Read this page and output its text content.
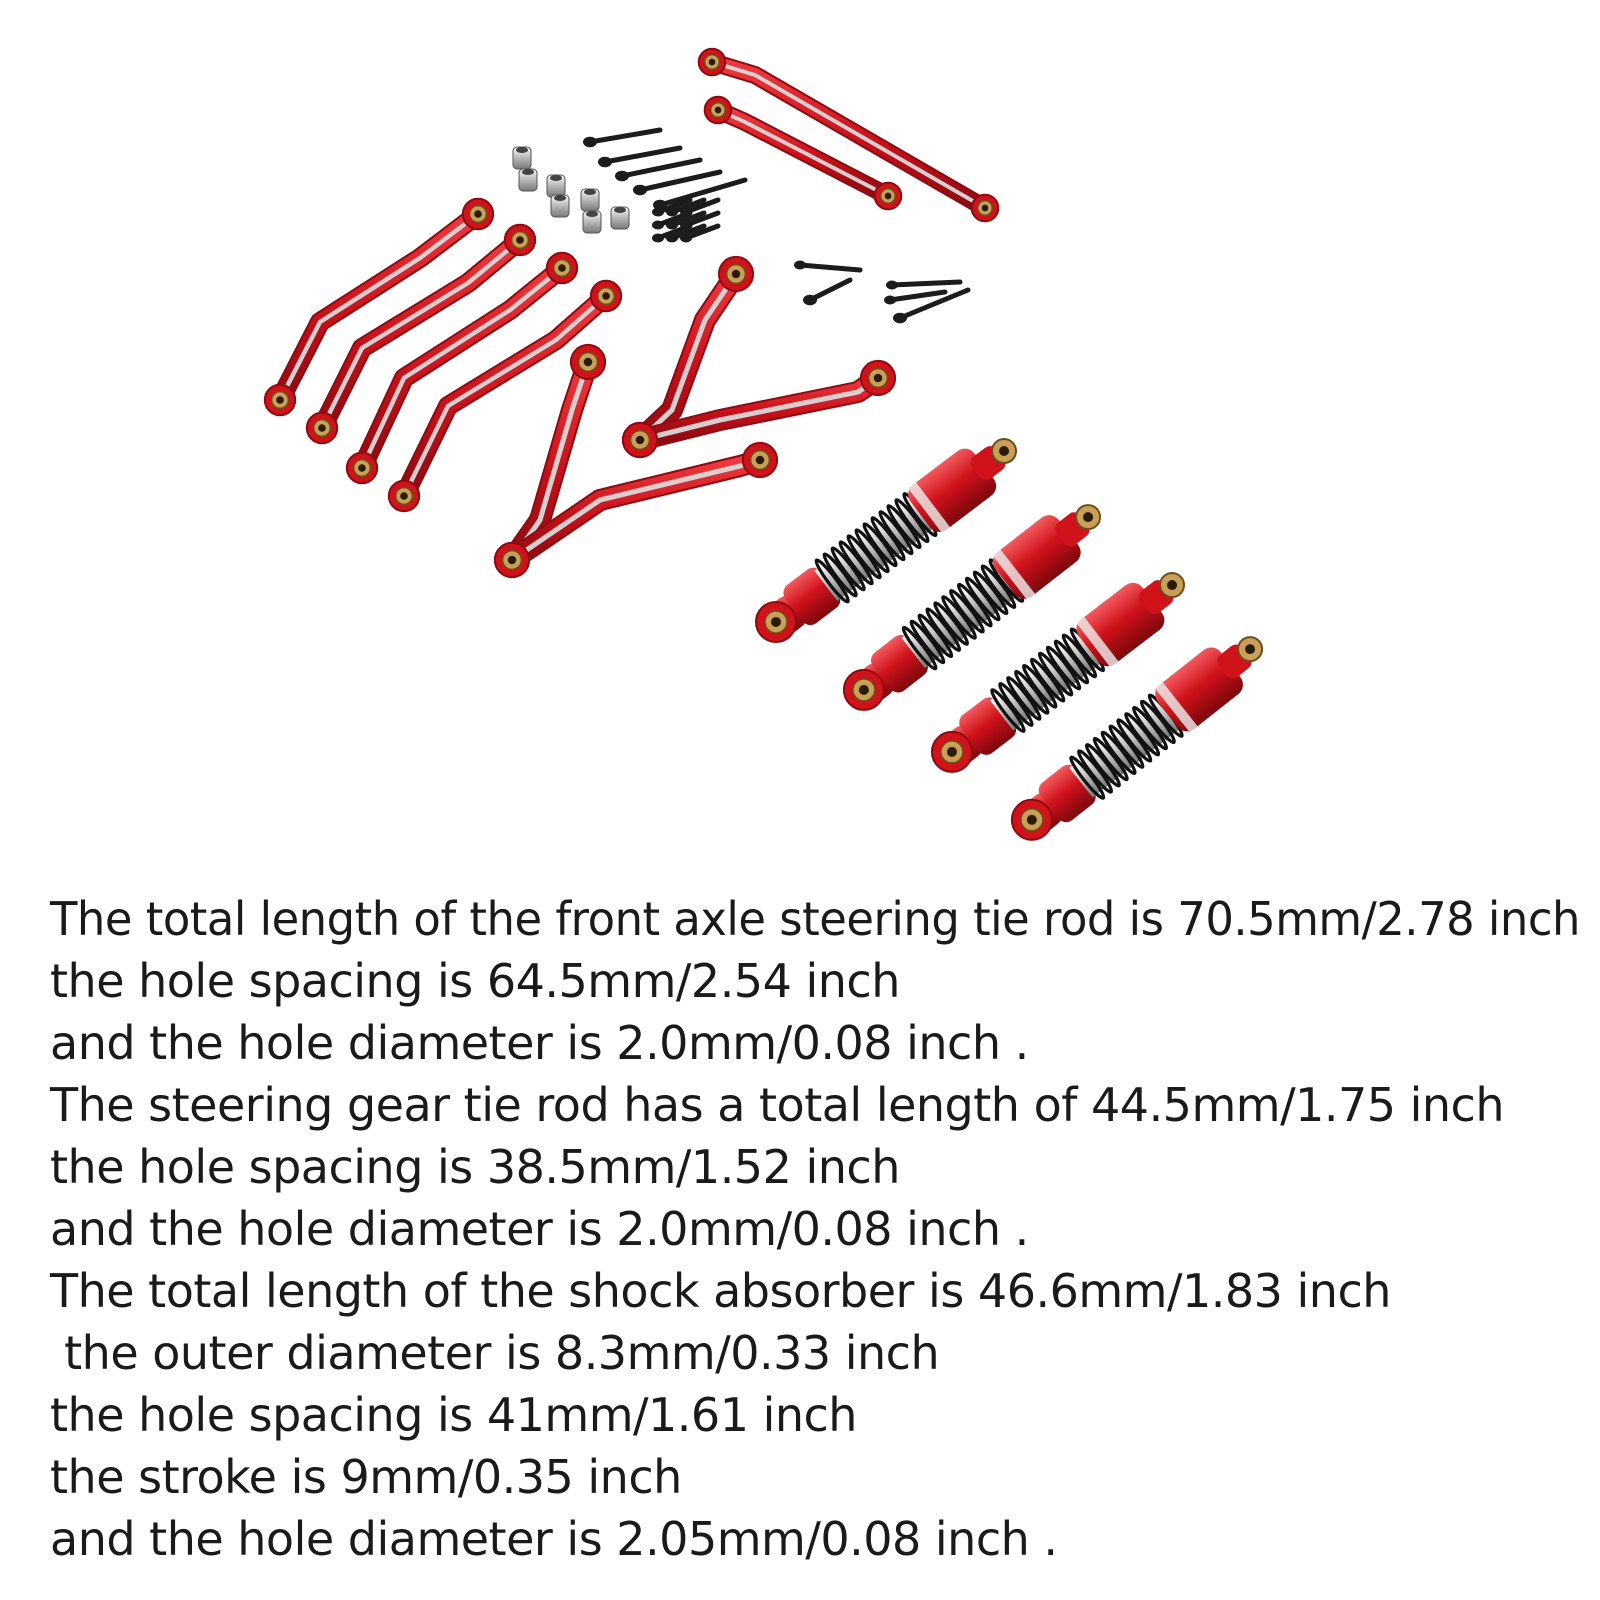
The total length of the front axle steering tie rod is 70.5mm/2.78 inch
the hole spacing is 64.5mm/2.54 inch
and the hole diameter is 2.0mm/0.08 inch .
The steering gear tie rod has a total length of 44.5mm/1.75 inch
the hole spacing is 38.5mm/1.52 inch
and the hole diameter is 2.0mm/0.08 inch .
The total length of the shock absorber is 46.6mm/1.83 inch
the outer diameter is 8.3mm/0.33 inch
the hole spacing is 41mm/1.61 inch
the stroke is 9mm/0.35 inch
and the hole diameter is 2.05mm/0.08 inch .
